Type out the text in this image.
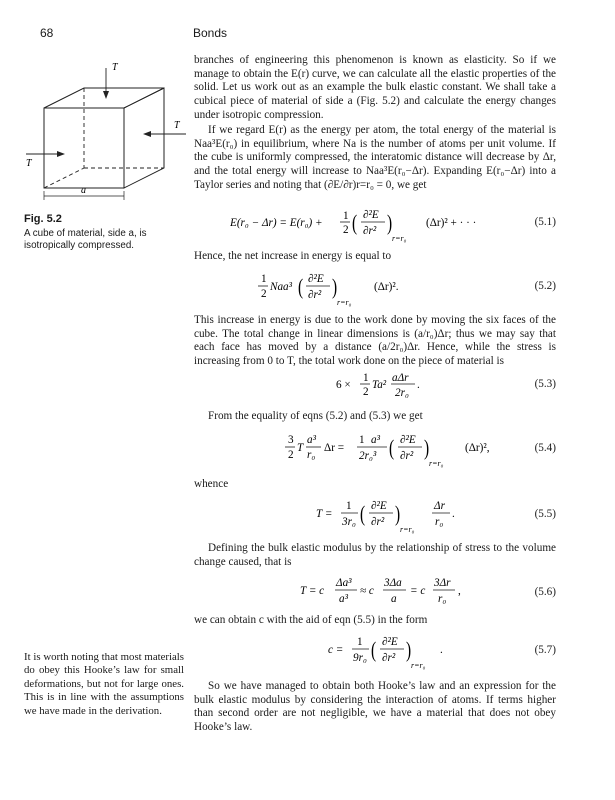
68	Bonds
T
T
T
a
Fig. 5.2
A cube of material, side a, is isotropically compressed.
branches of engineering this phenomenon is known as elasticity. So if we manage to obtain the E(r) curve, we can calculate all the elastic properties of the solid. Let us work out as an example the bulk elastic constant. We shall take a cubical piece of material of side a (Fig. 5.2) and calculate the energy changes under isotropic compression.
If we regard E(r) as the energy per atom, the total energy of the material is Naa³E(r₀) in equilibrium, where Na is the number of atoms per unit volume. If the cube is uniformly compressed, the interatomic distance will decrease by Δr, and the total energy will increase to Naa³E(r₀−Δr). Expanding E(r₀−Δr) into a Taylor series and noting that (∂E/∂r)r=r₀ = 0, we get
E(r₀ − Δr) = E(r₀) +
1
2 ( ∂²E
∂r² )
r=r₀
(Δr)² + · · ·	(5.1)
Hence, the net increase in energy is equal to
1
2
Naa³ ( ∂²E
∂r² )
r=r₀
(Δr)².	(5.2)
This increase in energy is due to the work done by moving the six faces of the cube. The total change in linear dimensions is (a/r₀)Δr; thus we may say that each face has moved by a distance (a/2r₀)Δr. Hence, while the stress is increasing from 0 to T, the total work done on the piece of material is
6 ×
1
2
Ta²
aΔr
2r₀
.	(5.3)
From the equality of eqns (5.2) and (5.3) we get
3
2
T
a³
r₀
Δr =
1 a³
2r₀³ ( ∂²E
∂r² )
r=r₀
(Δr)²,	(5.4)
whence
T =
1
3r₀ ( ∂²E
∂r² )
r=r₀
Δr
r₀
.	(5.5)
Defining the bulk elastic modulus by the relationship of stress to the volume change caused, that is
T = c
Δa³
a³
≈ c
3Δa
a
= c
3Δr
r₀
,	(5.6)
we can obtain c with the aid of eqn (5.5) in the form
c =
1
9r₀ ( ∂²E
∂r² )
r=r₀
.	(5.7)
So we have managed to obtain both Hooke’s law and an expression for the bulk elastic modulus by considering the interaction of atoms. If terms higher than second order are not negligible, we have a material that does not obey Hooke’s law.
It is worth noting that most materials do obey this Hooke’s law for small deformations, but not for large ones. This is in line with the assumptions we have made in the derivation.
